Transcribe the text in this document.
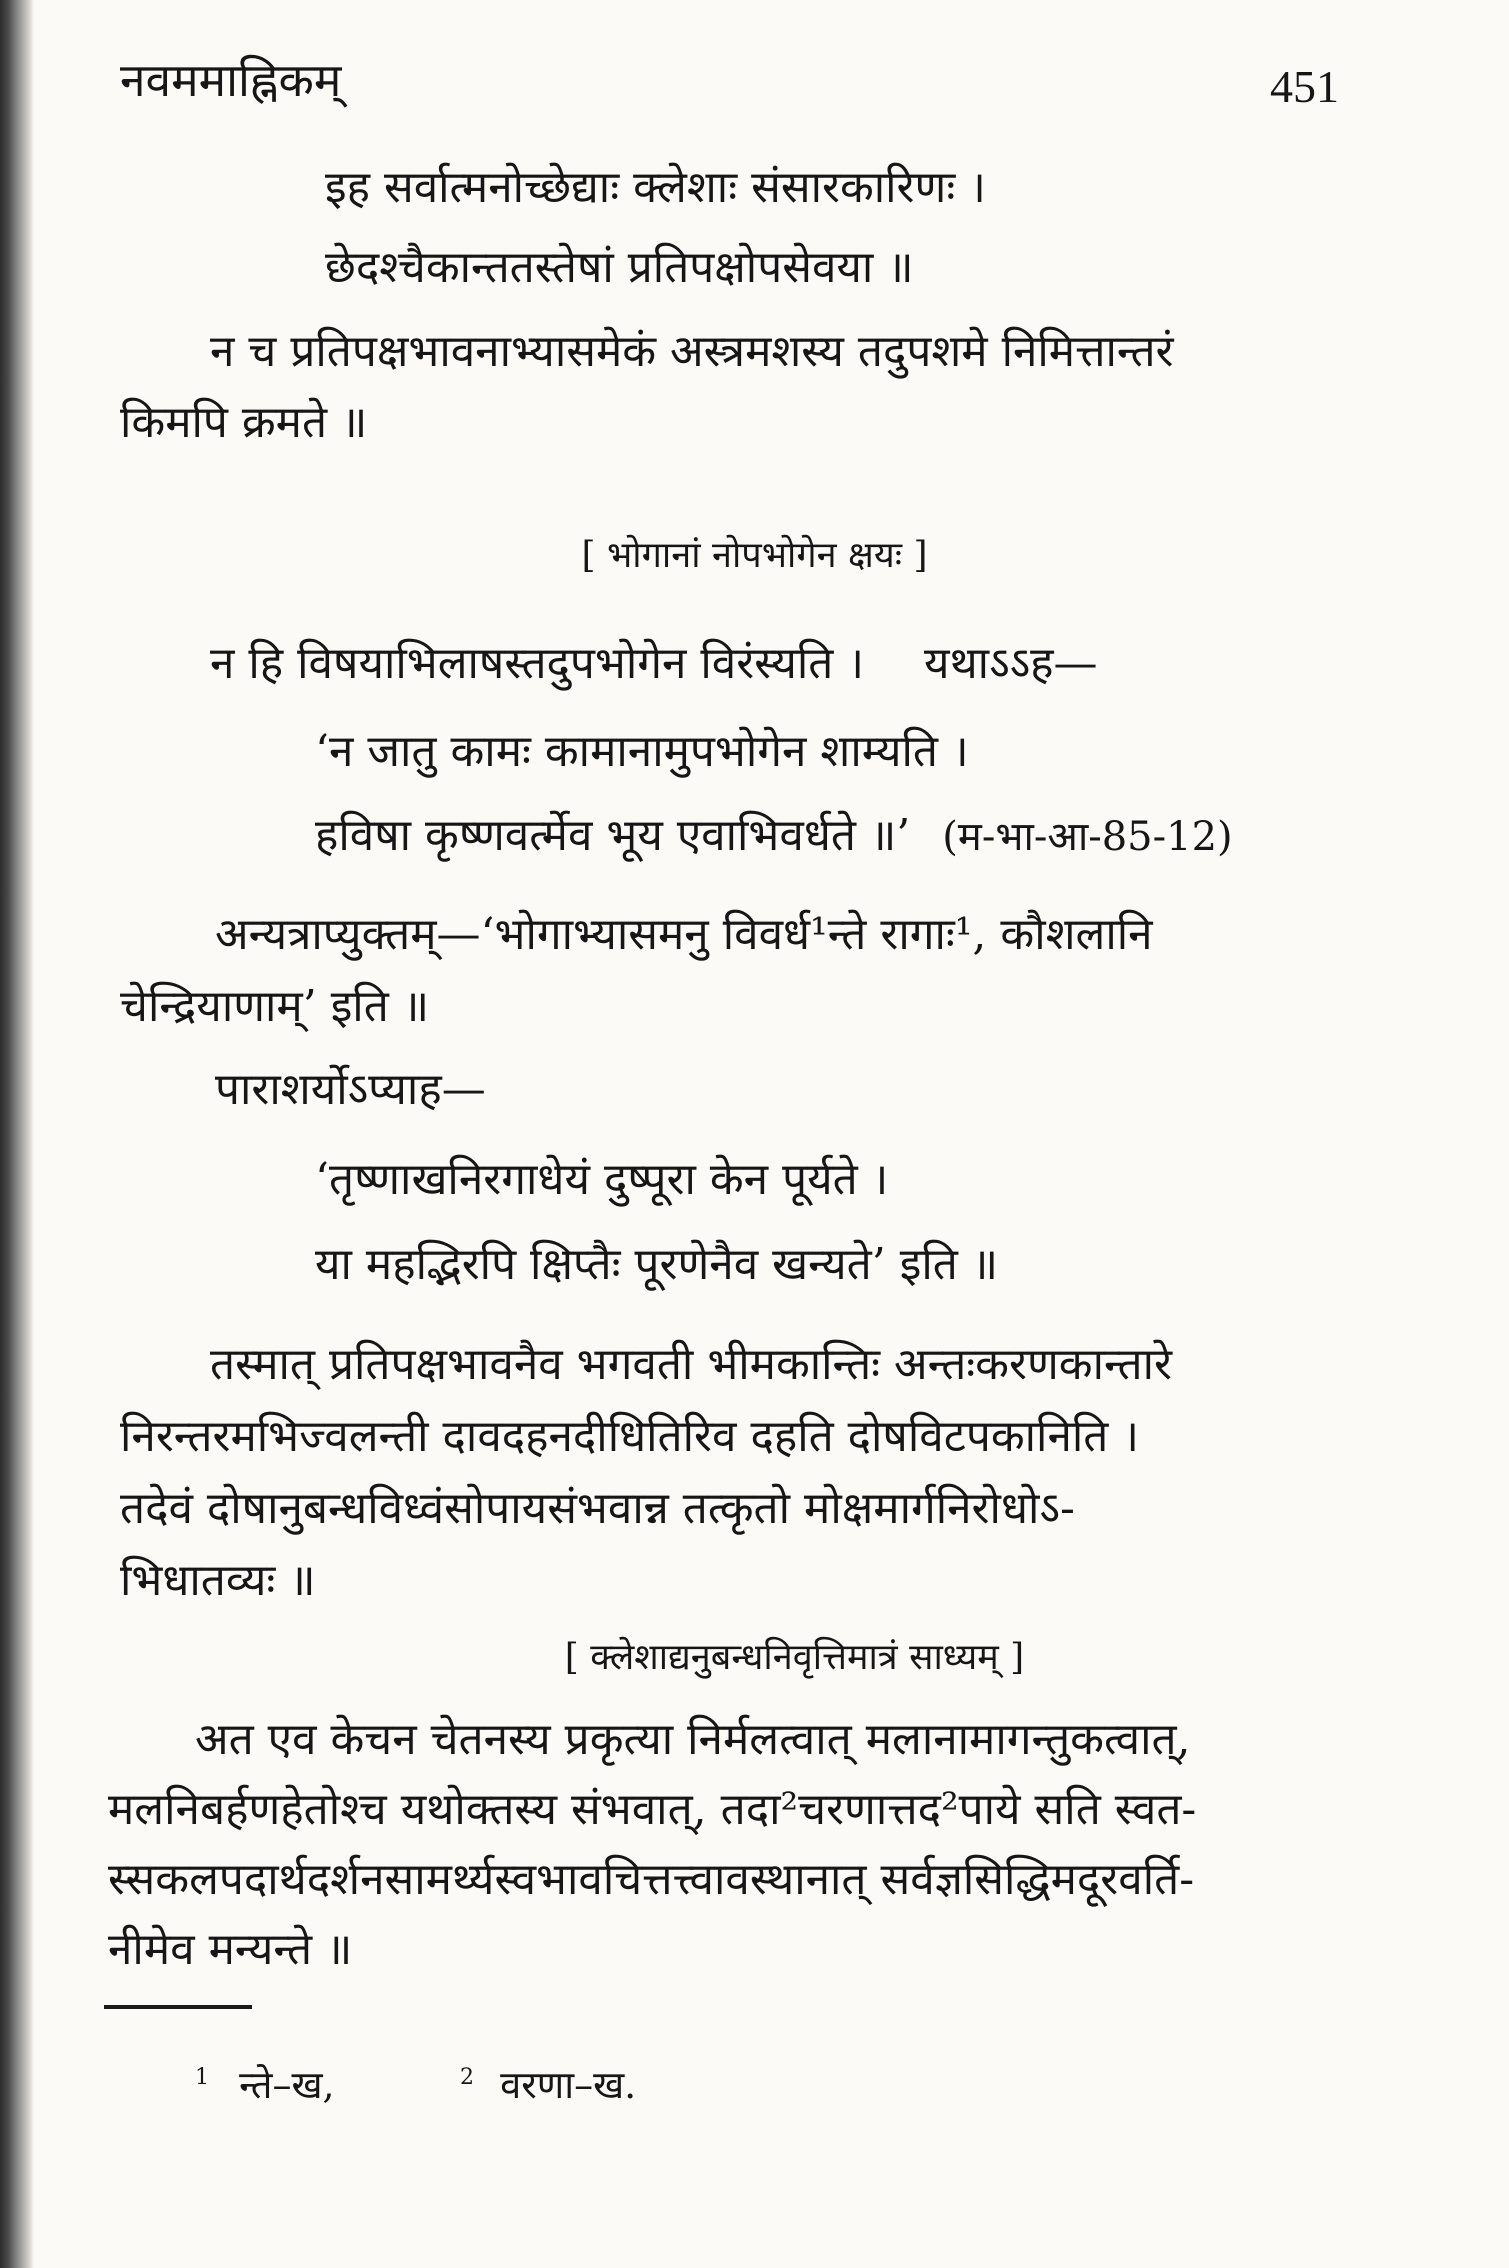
नवममाह्निकम्	451
इह सर्वात्मनोच्छेद्याः क्लेशाः संसारकारिणः ।
छेदश्चैकान्ततस्तेषां प्रतिपक्षोपसेवया ॥
न च प्रतिपक्षभावनाभ्यासमेकं अस्त्रमशस्य तदुपशमे निमित्तान्तरं
किमपि क्रमते ॥
[ भोगानां नोपभोगेन क्षयः ]
न हि विषयाभिलाषस्तदुपभोगेन विरंस्यति । यथाऽऽह—
‘न जातु कामः कामानामुपभोगेन शाम्यति ।
हविषा कृष्णवर्त्मेव भूय एवाभिवर्धते ॥’ (म-भा-आ-85-12)
अन्यत्राप्युक्तम्—‘भोगाभ्यासमनु विवर्ध¹न्ते रागाः¹, कौशलानि
चेन्द्रियाणाम्’ इति ॥
पाराशर्योऽप्याह—
‘तृष्णाखनिरगाधेयं दुष्पूरा केन पूर्यते ।
या महद्भिरपि क्षिप्तैः पूरणेनैव खन्यते’ इति ॥
तस्मात् प्रतिपक्षभावनैव भगवती भीमकान्तिः अन्तःकरणकान्तारे
निरन्तरमभिज्वलन्ती दावदहनदीधितिरिव दहति दोषविटपकानिति ।
तदेवं दोषानुबन्धविध्वंसोपायसंभवान्न तत्कृतो मोक्षमार्गनिरोधोऽ-
भिधातव्यः ॥
[ क्लेशाद्यनुबन्धनिवृत्तिमात्रं साध्यम् ]
अत एव केचन चेतनस्य प्रकृत्या निर्मलत्वात् मलानामागन्तुकत्वात्,
मलनिबर्हणहेतोश्च यथोक्तस्य संभवात्, तदा²चरणात्तद²पाये सति स्वत-
स्सकलपदार्थदर्शनसामर्थ्यस्वभावचित्तत्त्वावस्थानात् सर्वज्ञसिद्धिमदूरवर्ति-
नीमेव मन्यन्ते ॥
$^1$ न्ते–ख,	$^2$ वरणा–ख.
